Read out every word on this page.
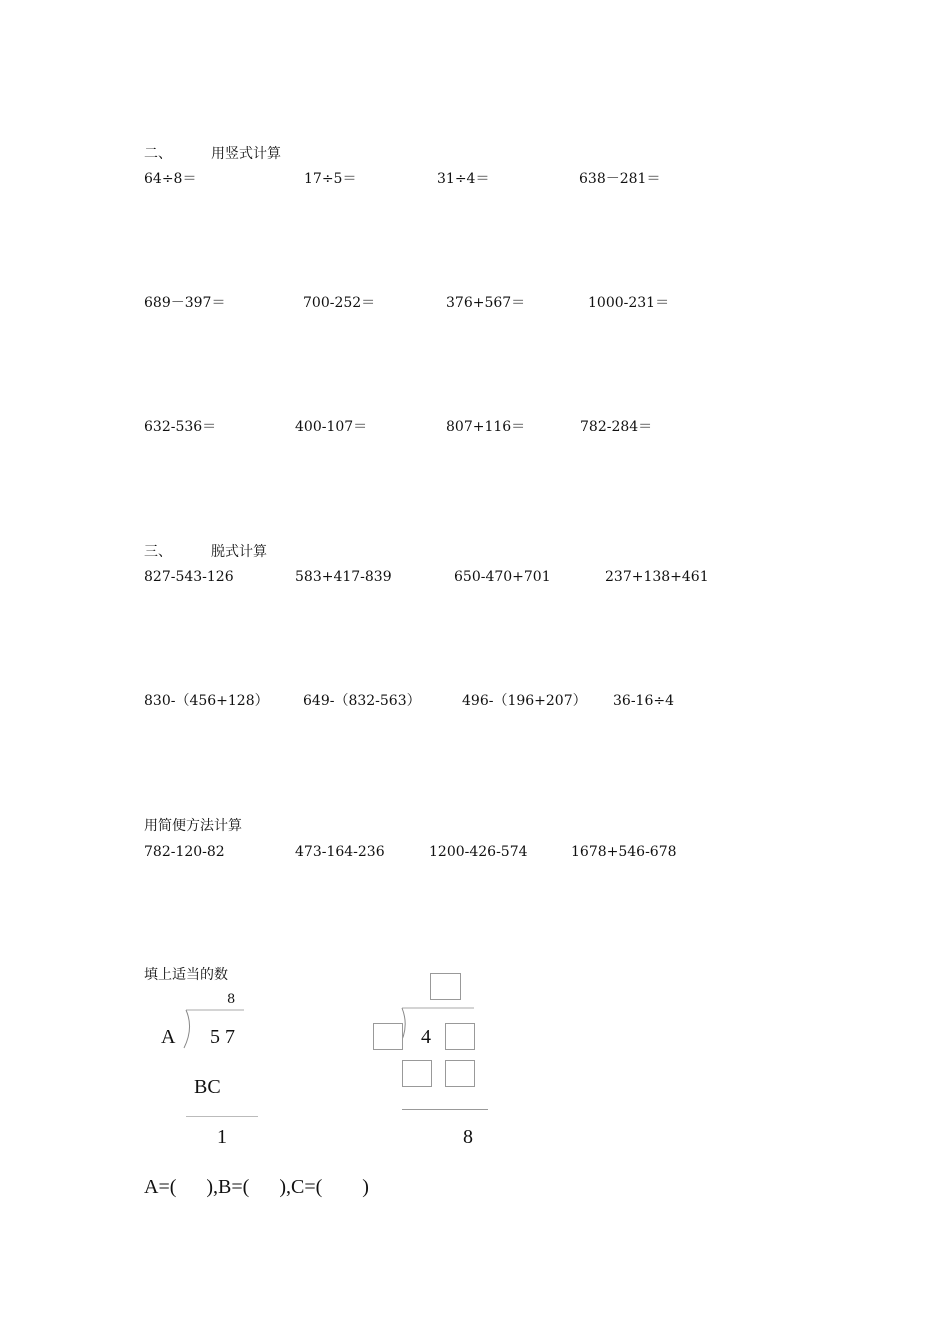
二、	用竖式计算
64÷8＝	17÷5＝	31÷4＝	638－281＝
689－397＝	700-252＝	376+567＝	1000-231＝
632-536＝	400-107＝	807+116＝	782-284＝
三、	脱式计算
827-543-126	583+417-839	650-470+701	237+138+461
830-（456+128） 649-（832-563）	496-（196+207） 36-16÷4
用简便方法计算
782-120-82	473-164-236	1200-426-574	1678+546-678
填上适当的数
8
A 5 7
BC
1
4
8
A=(      ),B=(      ),C=(        )
